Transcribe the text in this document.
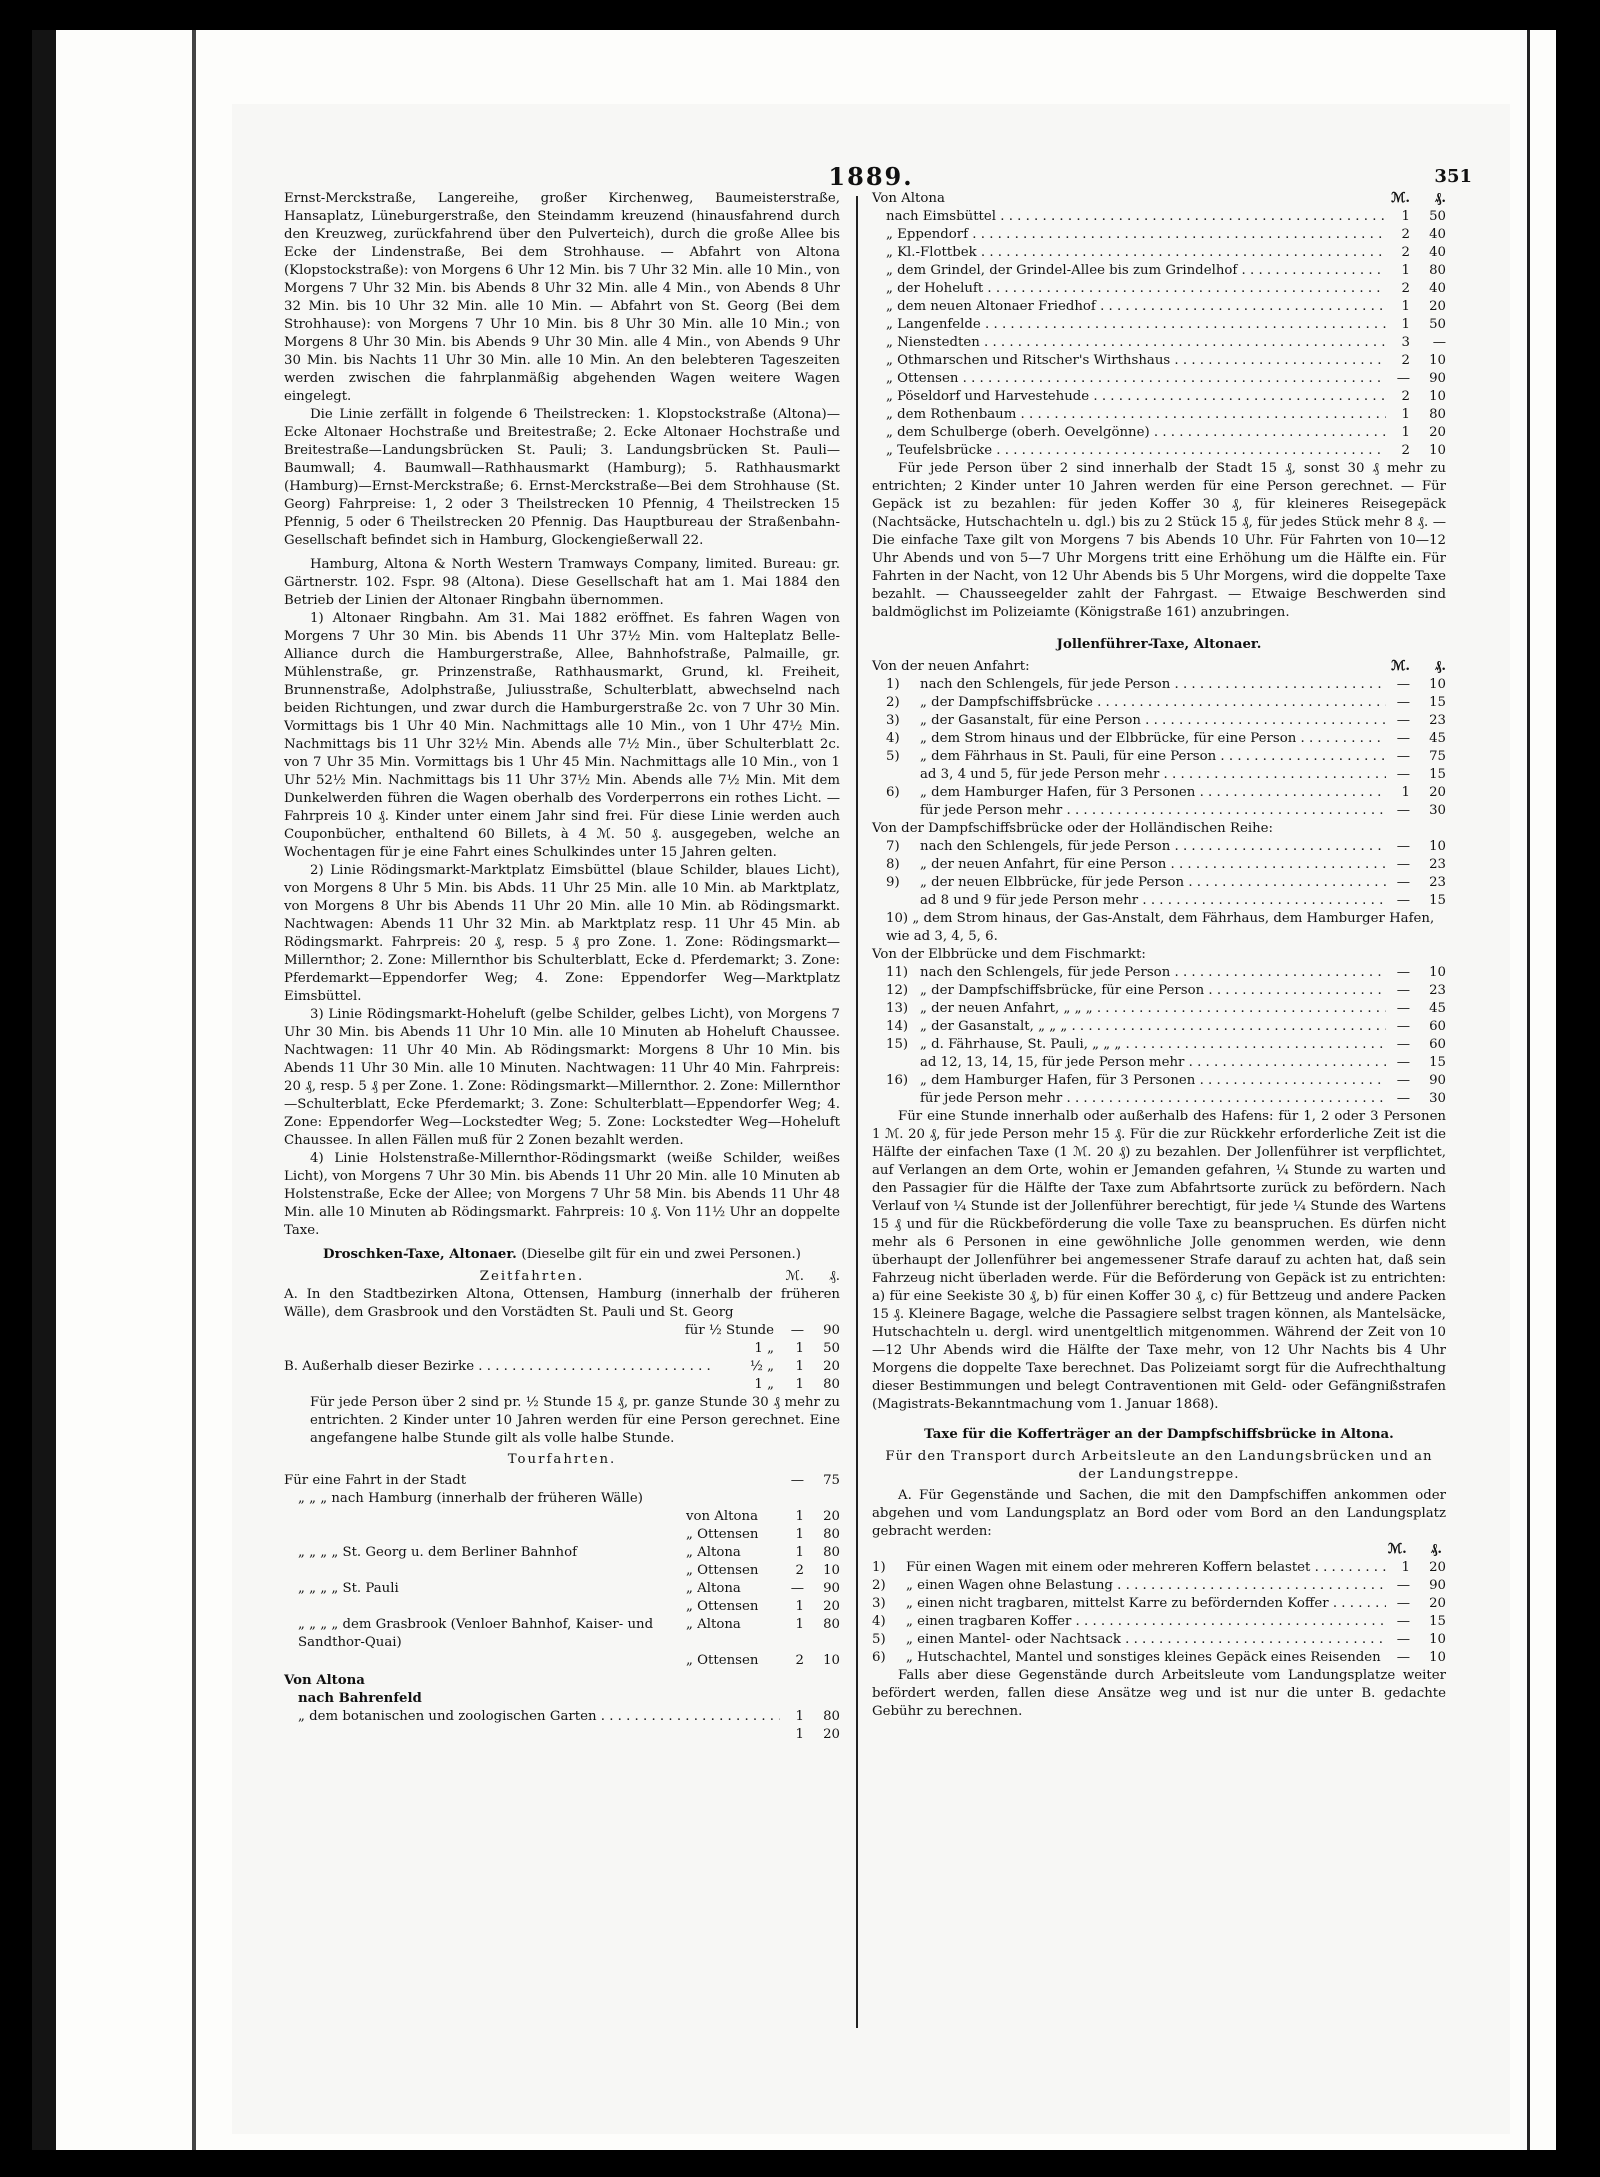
1889.	351

Ernst-Merckstraße, Langereihe, großer Kirchenweg, Baumeisterstraße, Hansaplatz, Lüneburgerstraße, den Steindamm kreuzend (hinausfahrend durch den Kreuzweg, zurückfahrend über den Pulverteich), durch die große Allee bis Ecke der Lindenstraße, Bei dem Strohhause. — Abfahrt von Altona (Klopstockstraße): von Morgens 6 Uhr 12 Min. bis 7 Uhr 32 Min. alle 10 Min., von Morgens 7 Uhr 32 Min. bis Abends 8 Uhr 32 Min. alle 4 Min., von Abends 8 Uhr 32 Min. bis 10 Uhr 32 Min. alle 10 Min. — Abfahrt von St. Georg (Bei dem Strohhause): von Morgens 7 Uhr 10 Min. bis 8 Uhr 30 Min. alle 10 Min.; von Morgens 8 Uhr 30 Min. bis Abends 9 Uhr 30 Min. alle 4 Min., von Abends 9 Uhr 30 Min. bis Nachts 11 Uhr 30 Min. alle 10 Min. An den belebteren Tageszeiten werden zwischen die fahrplanmäßig abgehenden Wagen weitere Wagen eingelegt.

Die Linie zerfällt in folgende 6 Theilstrecken: 1. Klopstockstraße (Altona)—Ecke Altonaer Hochstraße und Breitestraße; 2. Ecke Altonaer Hochstraße und Breitestraße—Landungsbrücken St. Pauli; 3. Landungsbrücken St. Pauli—Baumwall; 4. Baumwall—Rathhausmarkt (Hamburg); 5. Rathhausmarkt (Hamburg)—Ernst-Merckstraße; 6. Ernst-Merckstraße—Bei dem Strohhause (St. Georg) Fahrpreise: 1, 2 oder 3 Theilstrecken 10 Pfennig, 4 Theilstrecken 15 Pfennig, 5 oder 6 Theilstrecken 20 Pfennig. Das Hauptbureau der Straßenbahn-Gesellschaft befindet sich in Hamburg, Glockengießerwall 22.

Hamburg, Altona & North Western Tramways Company, limited. Bureau: gr. Gärtnerstr. 102. Fspr. 98 (Altona). Diese Gesellschaft hat am 1. Mai 1884 den Betrieb der Linien der Altonaer Ringbahn übernommen.

1) Altonaer Ringbahn. Am 31. Mai 1882 eröffnet. Es fahren Wagen von Morgens 7 Uhr 30 Min. bis Abends 11 Uhr 37½ Min. vom Halteplatz Belle-Alliance durch die Hamburgerstraße, Allee, Bahnhofstraße, Palmaille, gr. Mühlenstraße, gr. Prinzenstraße, Rathhausmarkt, Grund, kl. Freiheit, Brunnenstraße, Adolphstraße, Juliusstraße, Schulterblatt, abwechselnd nach beiden Richtungen, und zwar durch die Hamburgerstraße 2c. von 7 Uhr 30 Min. Vormittags bis 1 Uhr 40 Min. Nachmittags alle 10 Min., von 1 Uhr 47½ Min. Nachmittags bis 11 Uhr 32½ Min. Abends alle 7½ Min., über Schulterblatt 2c. von 7 Uhr 35 Min. Vormittags bis 1 Uhr 45 Min. Nachmittags alle 10 Min., von 1 Uhr 52½ Min. Nachmittags bis 11 Uhr 37½ Min. Abends alle 7½ Min. Mit dem Dunkelwerden führen die Wagen oberhalb des Vorderperrons ein rothes Licht. — Fahrpreis 10 ₰. Kinder unter einem Jahr sind frei. Für diese Linie werden auch Couponbücher, enthaltend 60 Billets, à 4 ℳ. 50 ₰. ausgegeben, welche an Wochentagen für je eine Fahrt eines Schulkindes unter 15 Jahren gelten.

2) Linie Rödingsmarkt-Marktplatz Eimsbüttel (blaue Schilder, blaues Licht), von Morgens 8 Uhr 5 Min. bis Abds. 11 Uhr 25 Min. alle 10 Min. ab Marktplatz, von Morgens 8 Uhr bis Abends 11 Uhr 20 Min. alle 10 Min. ab Rödingsmarkt. Nachtwagen: Abends 11 Uhr 32 Min. ab Marktplatz resp. 11 Uhr 45 Min. ab Rödingsmarkt. Fahrpreis: 20 ₰, resp. 5 ₰ pro Zone. 1. Zone: Rödingsmarkt—Millernthor; 2. Zone: Millernthor bis Schulterblatt, Ecke d. Pferdemarkt; 3. Zone: Pferdemarkt—Eppendorfer Weg; 4. Zone: Eppendorfer Weg—Marktplatz Eimsbüttel.

3) Linie Rödingsmarkt-Hoheluft (gelbe Schilder, gelbes Licht), von Morgens 7 Uhr 30 Min. bis Abends 11 Uhr 10 Min. alle 10 Minuten ab Hoheluft Chaussee. Nachtwagen: 11 Uhr 40 Min. Ab Rödingsmarkt: Morgens 8 Uhr 10 Min. bis Abends 11 Uhr 30 Min. alle 10 Minuten. Nachtwagen: 11 Uhr 40 Min. Fahrpreis: 20 ₰, resp. 5 ₰ per Zone. 1. Zone: Rödingsmarkt—Millernthor. 2. Zone: Millernthor—Schulterblatt, Ecke Pferdemarkt; 3. Zone: Schulterblatt—Eppendorfer Weg; 4. Zone: Eppendorfer Weg—Lockstedter Weg; 5. Zone: Lockstedter Weg—Hoheluft Chaussee. In allen Fällen muß für 2 Zonen bezahlt werden.

4) Linie Holstenstraße-Millernthor-Rödingsmarkt (weiße Schilder, weißes Licht), von Morgens 7 Uhr 30 Min. bis Abends 11 Uhr 20 Min. alle 10 Minuten ab Holstenstraße, Ecke der Allee; von Morgens 7 Uhr 58 Min. bis Abends 11 Uhr 48 Min. alle 10 Minuten ab Rödingsmarkt. Fahrpreis: 10 ₰. Von 11½ Uhr an doppelte Taxe.

Droschken-Taxe, Altonaer. (Dieselbe gilt für ein und zwei Personen.)
Zeitfahrten.	ℳ.	₰.

A. In den Stadtbezirken Altona, Ottensen, Hamburg (innerhalb der früheren Wälle), dem Grasbrook und den Vorstädten St. Pauli und St. Georg

für ½ Stunde	—	90
1 „	1	50
B. Außerhalb dieser Bezirke . . .	½ „	1	20
1 „	1	80

Für jede Person über 2 sind pr. ½ Stunde 15 ₰, pr. ganze Stunde 30 ₰ mehr zu entrichten. 2 Kinder unter 10 Jahren werden für eine Person gerechnet. Eine angefangene halbe Stunde gilt als volle halbe Stunde.

Tourfahrten.
Für eine Fahrt in der Stadt	—	75
„ „ „ nach Hamburg (innerhalb der früheren Wälle)
von Altona	1	20
„ Ottensen	1	80
„ „ „ „ St. Georg u. dem Berliner Bahnhof	„ Altona	1	80
„ Ottensen	2	10
„ „ „ „ St. Pauli	„ Altona	—	90
„ Ottensen	1	20
„ „ „ „ dem Grasbrook (Venloer Bahnhof, Kaiser- und Sandthor-Quai)
„ Altona	1	80
„ Ottensen	2	10
Von Altona
nach Bahrenfeld
„ dem botanischen und zoologischen Garten . . .	1	80
1	20
Von Altona	ℳ.	₰.
nach Eimsbüttel . . .	1	50
„ Eppendorf . . .	2	40
„ Kl.-Flottbek . . .	2	40
„ dem Grindel, der Grindel-Allee bis zum Grindelhof . . .	1	80
„ der Hoheluft . . .	2	40
„ dem neuen Altonaer Friedhof . . .	1	20
„ Langenfelde . . .	1	50
„ Nienstedten . . .	3	—
„ Othmarschen und Ritscher's Wirthshaus . . .	2	10
„ Ottensen . . .	—	90
„ Pöseldorf und Harvestehude . . .	2	10
„ dem Rothenbaum . . .	1	80
„ dem Schulberge (oberh. Oevelgönne) . . .	1	20
„ Teufelsbrücke . . .	2	10

Für jede Person über 2 sind innerhalb der Stadt 15 ₰, sonst 30 ₰ mehr zu entrichten; 2 Kinder unter 10 Jahren werden für eine Person gerechnet. — Für Gepäck ist zu bezahlen: für jeden Koffer 30 ₰, für kleineres Reisegepäck (Nachtsäcke, Hutschachteln u. dgl.) bis zu 2 Stück 15 ₰, für jedes Stück mehr 8 ₰. — Die einfache Taxe gilt von Morgens 7 bis Abends 10 Uhr. Für Fahrten von 10—12 Uhr Abends und von 5—7 Uhr Morgens tritt eine Erhöhung um die Hälfte ein. Für Fahrten in der Nacht, von 12 Uhr Abends bis 5 Uhr Morgens, wird die doppelte Taxe bezahlt. — Chausseegelder zahlt der Fahrgast. — Etwaige Beschwerden sind baldmöglichst im Polizeiamte (Königstraße 161) anzubringen.

Jollenführer-Taxe, Altonaer.
Von der neuen Anfahrt:	ℳ.	₰.
1)	nach den Schlengels, für jede Person . . .	—	10
2)	„ der Dampfschiffsbrücke . . .	—	15
3)	„ der Gasanstalt, für eine Person . . .	—	23
4)	„ dem Strom hinaus und der Elbbrücke, für eine Person . . .	—	45
5)	„ dem Fährhaus in St. Pauli, für eine Person . . .	—	75
ad 3, 4 und 5, für jede Person mehr . . .	—	15
6)	„ dem Hamburger Hafen, für 3 Personen . . .	1	20
für jede Person mehr . . .	—	30
Von der Dampfschiffsbrücke oder der Holländischen Reihe:
7)	nach den Schlengels, für jede Person . . .	—	10
8)	„ der neuen Anfahrt, für eine Person . . .	—	23
9)	„ der neuen Elbbrücke, für jede Person . . .	—	23
ad 8 und 9 für jede Person mehr . . .	—	15
10) „ dem Strom hinaus, der Gas-Anstalt, dem Fährhaus, dem Hamburger Hafen, wie ad 3, 4, 5, 6.
Von der Elbbrücke und dem Fischmarkt:
11) nach den Schlengels, für jede Person . . .	—	10
12) „ der Dampfschiffsbrücke, für eine Person . . .	—	23
13) „ der neuen Anfahrt, „ „ „ . . .	—	45
14) „ der Gasanstalt, „ „ „ . . .	—	60
15) „ d. Fährhause, St. Pauli, „ „ „ . . .	—	60
ad 12, 13, 14, 15, für jede Person mehr . . .	—	15
16) „ dem Hamburger Hafen, für 3 Personen . . .	—	90
für jede Person mehr . . .	—	30

Für eine Stunde innerhalb oder außerhalb des Hafens: für 1, 2 oder 3 Personen 1 ℳ. 20 ₰, für jede Person mehr 15 ₰. Für die zur Rückkehr erforderliche Zeit ist die Hälfte der einfachen Taxe (1 ℳ. 20 ₰) zu bezahlen. Der Jollenführer ist verpflichtet, auf Verlangen an dem Orte, wohin er Jemanden gefahren, ¼ Stunde zu warten und den Passagier für die Hälfte der Taxe zum Abfahrtsorte zurück zu befördern. Nach Verlauf von ¼ Stunde ist der Jollenführer berechtigt, für jede ¼ Stunde des Wartens 15 ₰ und für die Rückbeförderung die volle Taxe zu beanspruchen. Es dürfen nicht mehr als 6 Personen in eine gewöhnliche Jolle genommen werden, wie denn überhaupt der Jollenführer bei angemessener Strafe darauf zu achten hat, daß sein Fahrzeug nicht überladen werde. Für die Beförderung von Gepäck ist zu entrichten: a) für eine Seekiste 30 ₰, b) für einen Koffer 30 ₰, c) für Bettzeug und andere Packen 15 ₰. Kleinere Bagage, welche die Passagiere selbst tragen können, als Mantelsäcke, Hutschachteln u. dergl. wird unentgeltlich mitgenommen. Während der Zeit von 10—12 Uhr Abends wird die Hälfte der Taxe mehr, von 12 Uhr Nachts bis 4 Uhr Morgens die doppelte Taxe berechnet. Das Polizeiamt sorgt für die Aufrechthaltung dieser Bestimmungen und belegt Contraventionen mit Geld- oder Gefängnißstrafen (Magistrats-Bekanntmachung vom 1. Januar 1868).

Taxe für die Kofferträger an der Dampfschiffsbrücke in Altona.
Für den Transport durch Arbeitsleute an den Landungsbrücken und an der Landungstreppe.

A. Für Gegenstände und Sachen, die mit den Dampfschiffen ankommen oder abgehen und vom Landungsplatz an Bord oder vom Bord an den Landungsplatz gebracht werden:

ℳ. ₰.
1)	Für einen Wagen mit einem oder mehreren Koffern belastet . . .	1	20
2)	„ einen Wagen ohne Belastung . . .	—	90
3)	„ einen nicht tragbaren, mittelst Karre zu befördernden Koffer . . .	—	20
4)	„ einen tragbaren Koffer . . .	—	15
5)	„ einen Mantel- oder Nachtsack . . .	—	10
6)	„ Hutschachtel, Mantel und sonstiges kleines Gepäck eines Reisenden . . .	—	10

Falls aber diese Gegenstände durch Arbeitsleute vom Landungsplatze weiter befördert werden, fallen diese Ansätze weg und ist nur die unter B. gedachte Gebühr zu berechnen.
